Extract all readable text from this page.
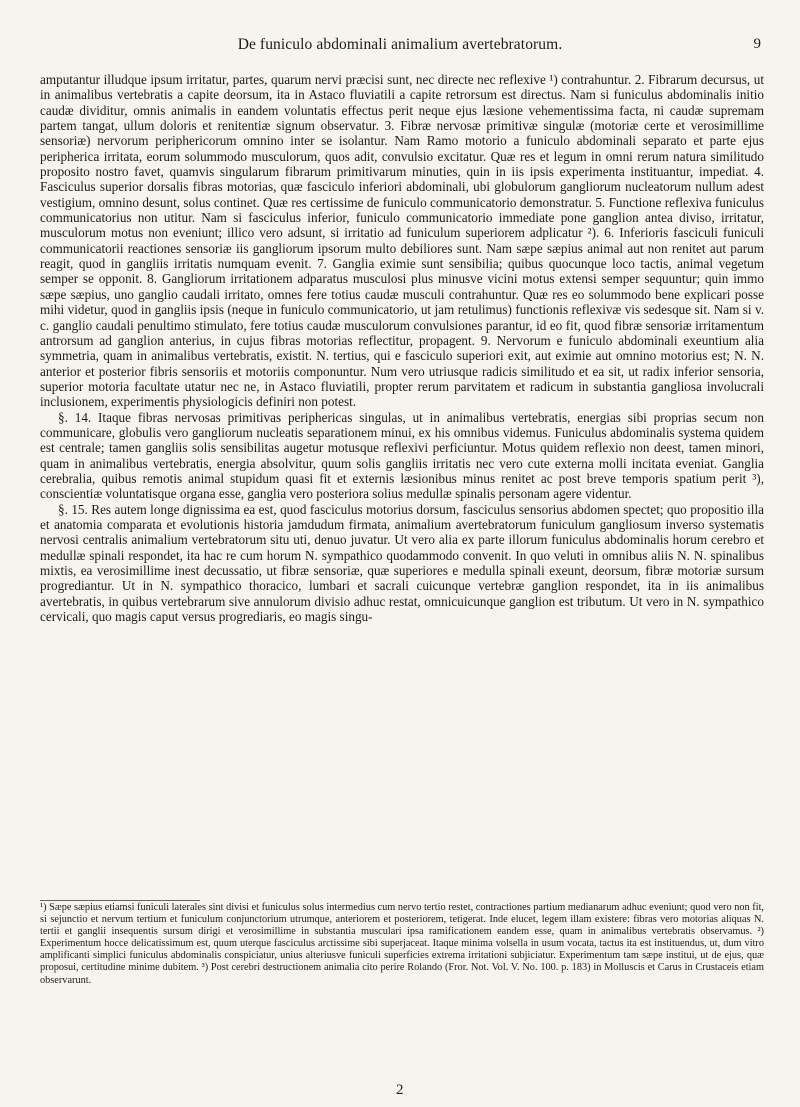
De funiculo abdominali animalium avertebratorum.	9

amputantur illudque ipsum irritatur, partes, quarum nervi præcisi sunt, nec directe nec reflexive ¹) contrahuntur. 2. Fibrarum decursus, ut in animalibus vertebratis a capite deorsum, ita in Astaco fluviatili a capite retrorsum est directus. Nam si funiculus abdominalis initio caudæ dividitur, omnis animalis in eandem voluntatis effectus perit neque ejus læsione vehementissima facta, ni caudæ supremam partem tangat, ullum doloris et renitentiæ signum observatur. 3. Fibræ nervosæ primitivæ singulæ (motoriæ certe et verosimillime sensoriæ) nervorum periphericorum omnino inter se isolantur. Nam Ramo motorio a funiculo abdominali separato et parte ejus peripherica irritata, eorum solummodo musculorum, quos adit, convulsio excitatur. Quæ res et legum in omni rerum natura similitudo proposito nostro favet, quamvis singularum fibrarum primitivarum minuties, quin in iis ipsis experimenta instituantur, impediat. 4. Fasciculus superior dorsalis fibras motorias, quæ fasciculo inferiori abdominali, ubi globulorum gangliorum nucleatorum nullum adest vestigium, omnino desunt, solus continet. Quæ res certissime de funiculo communicatorio demonstratur. 5. Functione reflexiva funiculus communicatorius non utitur. Nam si fasciculus inferior, funiculo communicatorio immediate pone ganglion antea diviso, irritatur, musculorum motus non eveniunt; illico vero adsunt, si irritatio ad funiculum superiorem adplicatur ²). 6. Inferioris fasciculi funiculi communicatorii reactiones sensoriæ iis gangliorum ipsorum multo debiliores sunt. Nam sæpe sæpius animal aut non renitet aut parum reagit, quod in gangliis irritatis numquam evenit. 7. Ganglia eximie sunt sensibilia; quibus quocunque loco tactis, animal vegetum semper se opponit. 8. Gangliorum irritationem adparatus musculosi plus minusve vicini motus extensi semper sequuntur; quin immo sæpe sæpius, uno ganglio caudali irritato, omnes fere totius caudæ musculi contrahuntur. Quæ res eo solummodo bene explicari posse mihi videtur, quod in gangliis ipsis (neque in funiculo communicatorio, ut jam retulimus) functionis reflexivæ vis sedesque sit. Nam si v. c. ganglio caudali penultimo stimulato, fere totius caudæ musculorum convulsiones parantur, id eo fit, quod fibræ sensoriæ irritamentum antrorsum ad ganglion anterius, in cujus fibras motorias reflectitur, propagent. 9. Nervorum e funiculo abdominali exeuntium alia symmetria, quam in animalibus vertebratis, existit. N. tertius, qui e fasciculo superiori exit, aut eximie aut omnino motorius est; N. N. anterior et posterior fibris sensoriis et motoriis componuntur. Num vero utriusque radicis similitudo et ea sit, ut radix inferior sensoria, superior motoria facultate utatur nec ne, in Astaco fluviatili, propter rerum parvitatem et radicum in substantia gangliosa involucrali inclusionem, experimentis physiologicis definiri non potest.

§. 14. Itaque fibras nervosas primitivas periphericas singulas, ut in animalibus vertebratis, energias sibi proprias secum non communicare, globulis vero gangliorum nucleatis separationem minui, ex his omnibus videmus. Funiculus abdominalis systema quidem est centrale; tamen gangliis solis sensibilitas augetur motusque reflexivi perficiuntur. Motus quidem reflexio non deest, tamen minori, quam in animalibus vertebratis, energia absolvitur, quum solis gangliis irritatis nec vero cute externa molli incitata eveniat. Ganglia cerebralia, quibus remotis animal stupidum quasi fit et externis læsionibus minus renitet ac post breve temporis spatium perit ³), conscientiæ voluntatisque organa esse, ganglia vero posteriora solius medullæ spinalis personam agere videntur.

§. 15. Res autem longe dignissima ea est, quod fasciculus motorius dorsum, fasciculus sensorius abdomen spectet; quo propositio illa et anatomia comparata et evolutionis historia jamdudum firmata, animalium avertebratorum funiculum gangliosum inverso systematis nervosi centralis animalium vertebratorum situ uti, denuo juvatur. Ut vero alia ex parte illorum funiculus abdominalis horum cerebro et medullæ spinali respondet, ita hac re cum horum N. sympathico quodammodo convenit. In quo veluti in omnibus aliis N. N. spinalibus mixtis, ea verosimillime inest decussatio, ut fibræ sensoriæ, quæ superiores e medulla spinali exeunt, deorsum, fibræ motoriæ sursum progrediantur. Ut in N. sympathico thoracico, lumbari et sacrali cuicunque vertebræ ganglion respondet, ita in iis animalibus avertebratis, in quibus vertebrarum sive annulorum divisio adhuc restat, omnicuicunque ganglion est tributum. Ut vero in N. sympathico cervicali, quo magis caput versus progrediaris, eo magis singu-

¹) Sæpe sæpius etiamsi funiculi laterales sint divisi et funiculus solus intermedius cum nervo tertio restet, contractiones partium medianarum adhuc eveniunt; quod vero non fit, si sejunctio et nervum tertium et funiculum conjunctorium utrumque, anteriorem et posteriorem, tetigerat. Inde elucet, legem illam existere: fibras vero motorias aliquas N. tertii et ganglii insequentis sursum dirigi et verosimillime in substantia musculari ipsa ramificationem eandem esse, quam in animalibus vertebratis observamus. ²) Experimentum hocce delicatissimum est, quum uterque fasciculus arctissime sibi superjaceat. Itaque minima volsella in usum vocata, tactus ita est instituendus, ut, dum vitro amplificanti simplici funiculus abdominalis conspiciatur, unius alteriusve funiculi superficies extrema irritationi subjiciatur. Experimentum tam sæpe institui, ut de ejus, quæ proposui, certitudine minime dubitem. ³) Post cerebri destructionem animalia cito perire Rolando (Fror. Not. Vol. V. No. 100. p. 183) in Molluscis et Carus in Crustaceis etiam observarunt.

2
